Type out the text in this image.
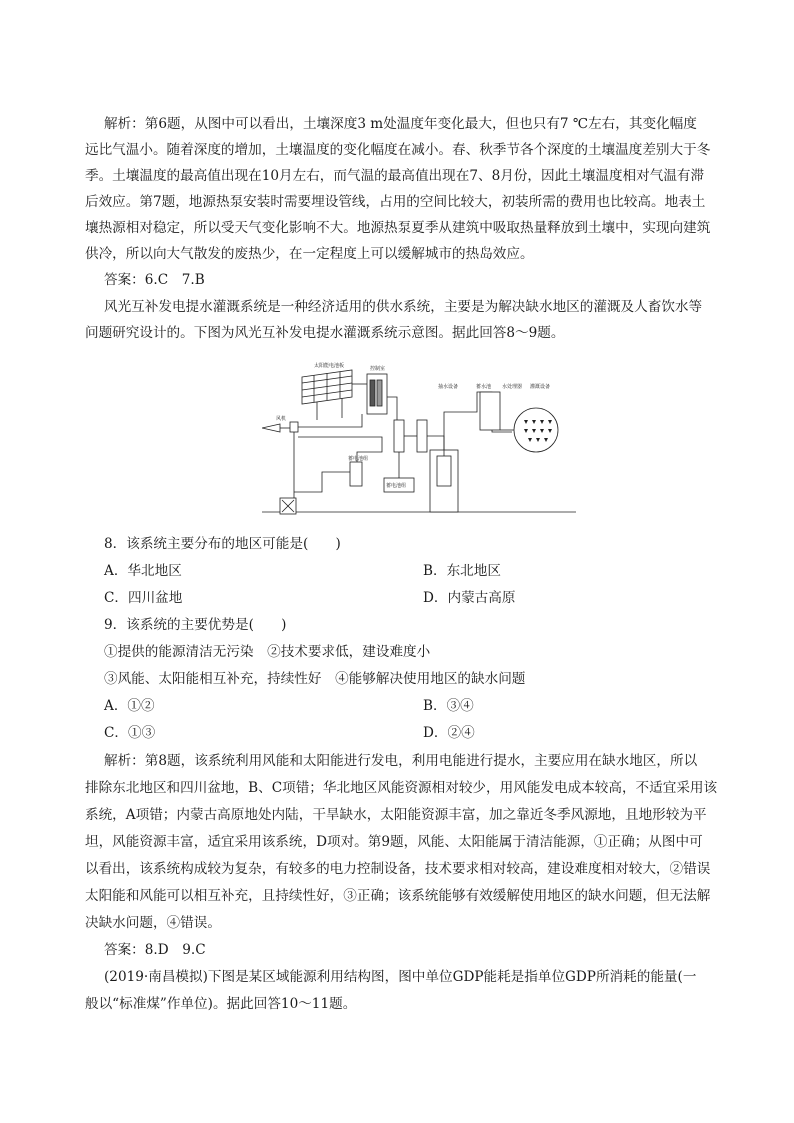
解析：第6题，从图中可以看出，土壤深度3 m处温度年变化最大，但也只有7 ℃左右，其变化幅度

远比气温小。随着深度的增加，土壤温度的变化幅度在减小。春、秋季节各个深度的土壤温度差别大于冬

季。土壤温度的最高值出现在10月左右，而气温的最高值出现在7、8月份，因此土壤温度相对气温有滞

后效应。第7题，地源热泵安装时需要埋设管线，占用的空间比较大，初装所需的费用也比较高。地表土

壤热源相对稳定，所以受天气变化影响不大。地源热泵夏季从建筑中吸取热量释放到土壤中，实现向建筑

供冷，所以向大气散发的废热少，在一定程度上可以缓解城市的热岛效应。

答案：6.C　7.B

风光互补发电提水灌溉系统是一种经济适用的供水系统，主要是为解决缺水地区的灌溉及人畜饮水等

问题研究设计的。下图为风光互补发电提水灌溉系统示意图。据此回答8～9题。

太阳能电池板	控制室
风机
抽水设备	蓄水池 水处理器 灌溉设备
蓄电池组
蓄电池组

8．该系统主要分布的地区可能是(　　)

A．华北地区	B．东北地区

C．四川盆地	D．内蒙古高原

9．该系统的主要优势是(　　)

①提供的能源清洁无污染　②技术要求低，建设难度小

③风能、太阳能相互补充，持续性好　④能够解决使用地区的缺水问题

A．①②	B．③④

C．①③	D．②④

解析：第8题，该系统利用风能和太阳能进行发电，利用电能进行提水，主要应用在缺水地区，所以

排除东北地区和四川盆地，B、C项错；华北地区风能资源相对较少，用风能发电成本较高，不适宜采用该

系统，A项错；内蒙古高原地处内陆，干旱缺水，太阳能资源丰富，加之靠近冬季风源地，且地形较为平

坦，风能资源丰富，适宜采用该系统，D项对。第9题，风能、太阳能属于清洁能源，①正确；从图中可

以看出，该系统构成较为复杂，有较多的电力控制设备，技术要求相对较高，建设难度相对较大，②错误

太阳能和风能可以相互补充，且持续性好，③正确；该系统能够有效缓解使用地区的缺水问题，但无法解

决缺水问题，④错误。

答案：8.D　9.C

(2019·南昌模拟)下图是某区域能源利用结构图，图中单位GDP能耗是指单位GDP所消耗的能量(一

般以“标准煤”作单位)。据此回答10～11题。
